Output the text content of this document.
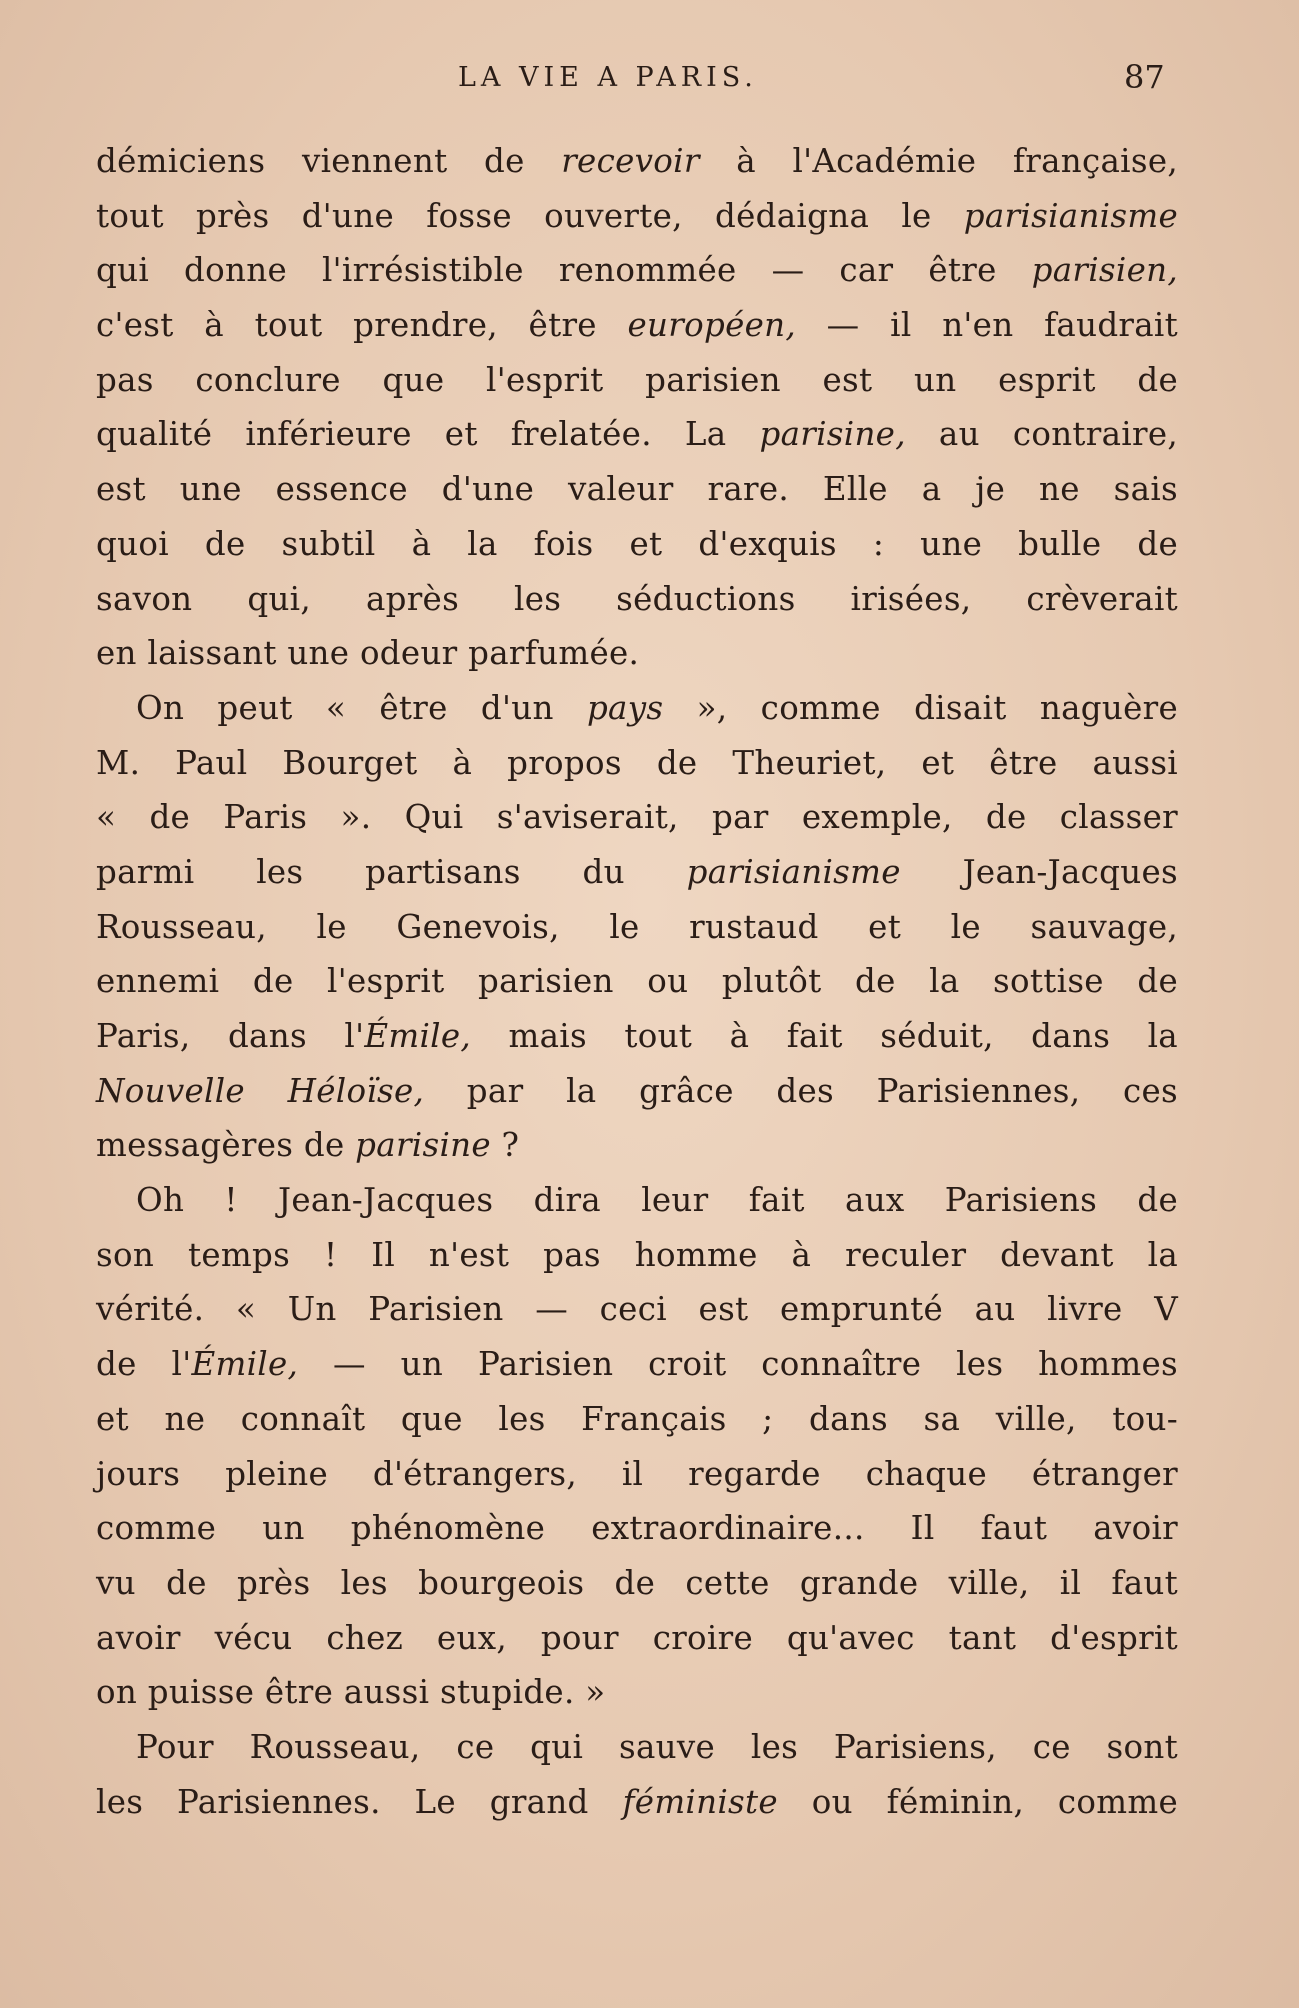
LA VIE A PARIS.	87
démiciens viennent de recevoir à l'Académie française,
tout près d'une fosse ouverte, dédaigna le parisianisme
qui donne l'irrésistible renommée — car être parisien,
c'est à tout prendre, être européen, — il n'en faudrait
pas conclure que l'esprit parisien est un esprit de
qualité inférieure et frelatée. La parisine, au contraire,
est une essence d'une valeur rare. Elle a je ne sais
quoi de subtil à la fois et d'exquis : une bulle de
savon qui, après les séductions irisées, crèverait
en laissant une odeur parfumée.
On peut « être d'un pays », comme disait naguère
M. Paul Bourget à propos de Theuriet, et être aussi
« de Paris ». Qui s'aviserait, par exemple, de classer
parmi les partisans du parisianisme Jean-Jacques
Rousseau, le Genevois, le rustaud et le sauvage,
ennemi de l'esprit parisien ou plutôt de la sottise de
Paris, dans l'Émile, mais tout à fait séduit, dans la
Nouvelle Héloïse, par la grâce des Parisiennes, ces
messagères de parisine ?
Oh ! Jean-Jacques dira leur fait aux Parisiens de
son temps ! Il n'est pas homme à reculer devant la
vérité. « Un Parisien — ceci est emprunté au livre V
de l'Émile, — un Parisien croit connaître les hommes
et ne connaît que les Français ; dans sa ville, tou-
jours pleine d'étrangers, il regarde chaque étranger
comme un phénomène extraordinaire... Il faut avoir
vu de près les bourgeois de cette grande ville, il faut
avoir vécu chez eux, pour croire qu'avec tant d'esprit
on puisse être aussi stupide. »
Pour Rousseau, ce qui sauve les Parisiens, ce sont
les Parisiennes. Le grand féministe ou féminin, comme
